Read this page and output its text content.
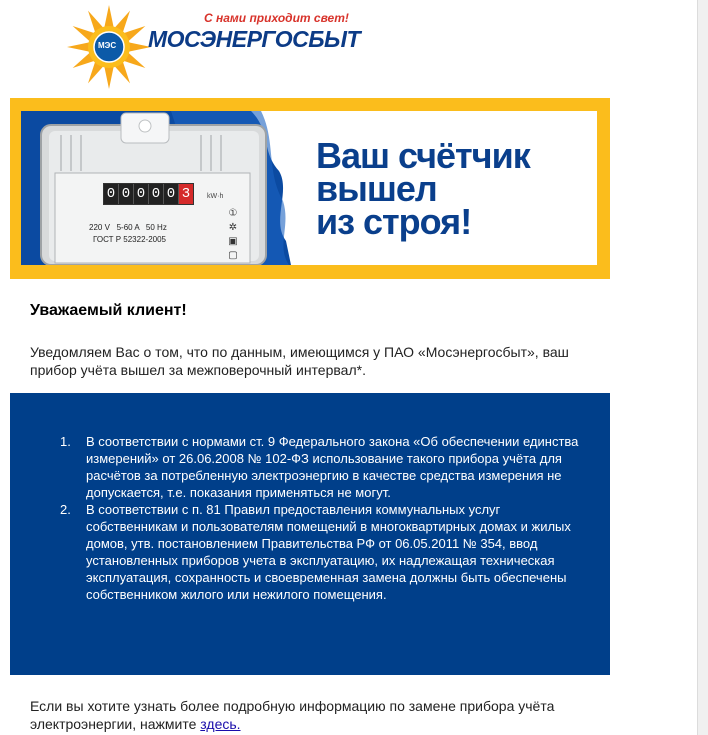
MЭС
С нами приходит свет!
МОСЭНЕРГОСБЫТ
0 0 0 0 0 3	kW·h
220 V   5-60 A   50 Hz
ГОСТ Р 52322-2005
①
✲
▣
▢
Ваш счётчик
вышел
из строя!
Уважаемый клиент!
Уведомляем Вас о том, что по данным, имеющимся у ПАО «Мосэнергосбыт», ваш прибор учёта вышел за межповерочный интервал*.
1. В соответствии с нормами ст. 9 Федерального закона «Об обеспечении единства измерений» от 26.06.2008 № 102-ФЗ использование такого прибора учёта для расчётов за потребленную электроэнергию в качестве средства измерения не допускается, т.е. показания применяться не могут.
2. В соответствии с п. 81 Правил предоставления коммунальных услуг собственникам и пользователям помещений в многоквартирных домах и жилых домов, утв. постановлением Правительства РФ от 06.05.2011 № 354, ввод установленных приборов учета в эксплуатацию, их надлежащая техническая эксплуатация, сохранность и своевременная замена должны быть обеспечены собственником жилого или нежилого помещения.
Если вы хотите узнать более подробную информацию по замене прибора учёта электроэнергии, нажмите здесь.
